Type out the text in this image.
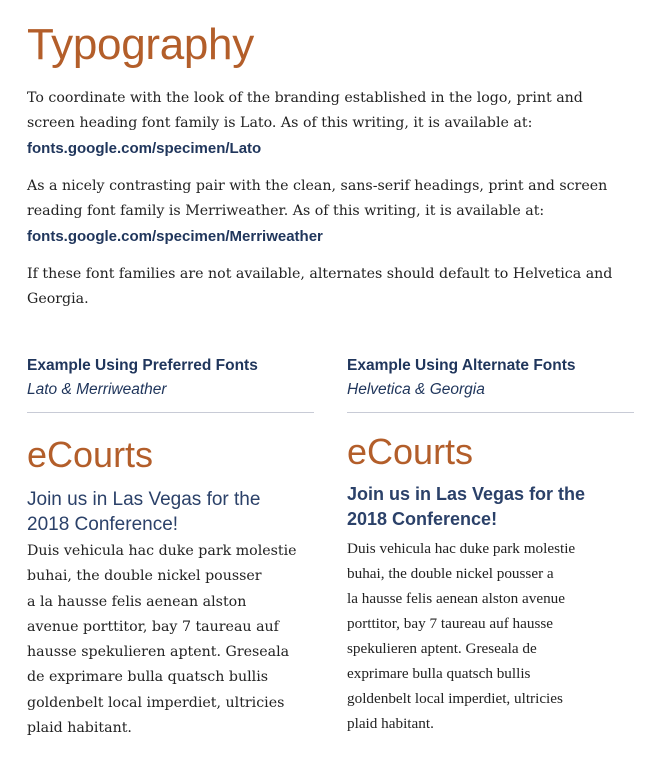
Typography

To coordinate with the look of the branding established in the logo, print and screen heading font family is Lato. As of this writing, it is available at:
fonts.google.com/specimen/Lato

As a nicely contrasting pair with the clean, sans-serif headings, print and screen reading font family is Merriweather. As of this writing, it is available at: fonts.google.com/specimen/Merriweather

If these font families are not available, alternates should default to Helvetica and Georgia.

Example Using Preferred Fonts

Lato & Merriweather

eCourts

Join us in Las Vegas for the
2018 Conference!

Duis vehicula hac duke park molestie
buhai, the double nickel pousser
a la hausse felis aenean alston
avenue porttitor, bay 7 taureau auf
hausse spekulieren aptent. Greseala
de exprimare bulla quatsch bullis
goldenbelt local imperdiet, ultricies
plaid habitant.

Example Using Alternate Fonts

Helvetica & Georgia

eCourts

Join us in Las Vegas for the
2018 Conference!

Duis vehicula hac duke park molestie
buhai, the double nickel pousser a
la hausse felis aenean alston avenue
porttitor, bay 7 taureau auf hausse
spekulieren aptent. Greseala de
exprimare bulla quatsch bullis
goldenbelt local imperdiet, ultricies
plaid habitant.
